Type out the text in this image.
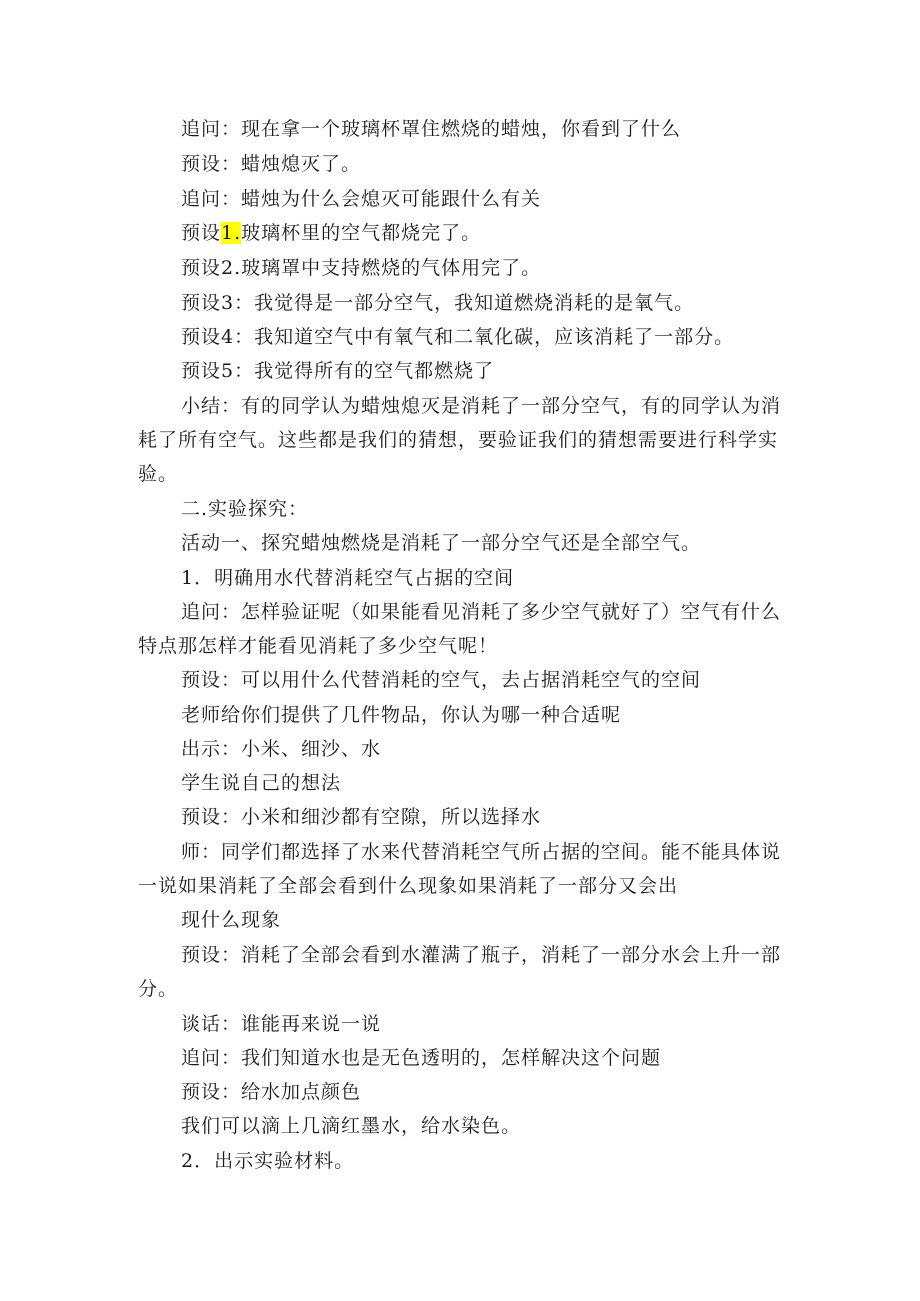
追问：现在拿一个玻璃杯罩住燃烧的蜡烛，你看到了什么
预设：蜡烛熄灭了。
追问：蜡烛为什么会熄灭可能跟什么有关
预设1.玻璃杯里的空气都烧完了。
预设2.玻璃罩中支持燃烧的气体用完了。
预设3：我觉得是一部分空气，我知道燃烧消耗的是氧气。
预设4：我知道空气中有氧气和二氧化碳，应该消耗了一部分。
预设5：我觉得所有的空气都燃烧了
小结：有的同学认为蜡烛熄灭是消耗了一部分空气，有的同学认为消
耗了所有空气。这些都是我们的猜想，要验证我们的猜想需要进行科学实
验。
二.实验探究：
活动一、探究蜡烛燃烧是消耗了一部分空气还是全部空气。
1．明确用水代替消耗空气占据的空间
追问：怎样验证呢（如果能看见消耗了多少空气就好了）空气有什么
特点那怎样才能看见消耗了多少空气呢！
预设：可以用什么代替消耗的空气，去占据消耗空气的空间
老师给你们提供了几件物品，你认为哪一种合适呢
出示：小米、细沙、水
学生说自己的想法
预设：小米和细沙都有空隙，所以选择水
师：同学们都选择了水来代替消耗空气所占据的空间。能不能具体说
一说如果消耗了全部会看到什么现象如果消耗了一部分又会出
现什么现象
预设：消耗了全部会看到水灌满了瓶子，消耗了一部分水会上升一部
分。
谈话：谁能再来说一说
追问：我们知道水也是无色透明的，怎样解决这个问题
预设：给水加点颜色
我们可以滴上几滴红墨水，给水染色。
2．出示实验材料。
